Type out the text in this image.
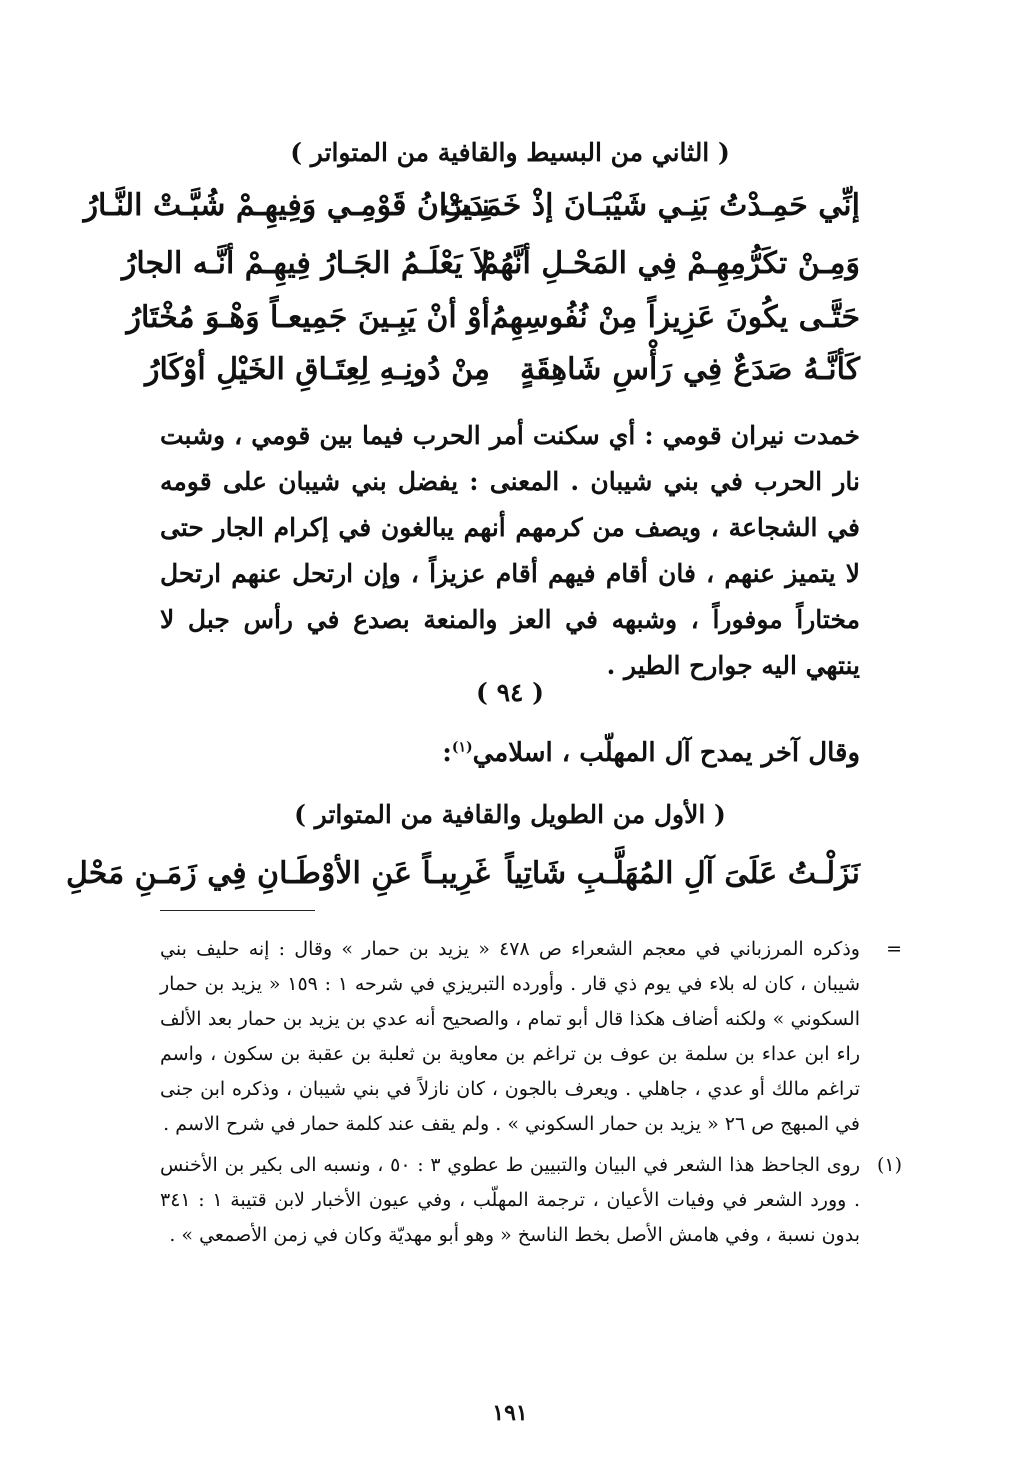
( الثاني من البسيط والقافية من المتواتر )
إنِّي حَمِـدْتُ بَنِـي شَيْبَـانَ إذْ خَمَدَتْ
نِـيرَانُ قَوْمِـي وَفِيهِـمْ شُبَّـتْ النَّـارُ
وَمِـنْ تكَرُّمِهِـمْ فِي المَحْـلِ أنَّهُمْ
لاَ يَعْلَـمُ الجَـارُ فِيهِـمْ أنَّـه الجارُ
حَتَّـى يكُونَ عَزِيزاً مِنْ نُفُوسِهِمُ
أوْ أنْ يَبِـينَ جَمِيعـاً وَهْـوَ مُخْتَارُ
كَأنَّـهُ صَدَعٌ فِي رَأْسِ شَاهِقَةٍ
مِنْ دُونِـهِ لِعِتَـاقِ الخَيْلِ أوْكَارُ
خمدت نيران قومي : أي سكنت أمر الحرب فيما بين قومي ، وشبت نار الحرب في بني شيبان . المعنى : يفضل بني شيبان على قومه في الشجاعة ، ويصف من كرمهم أنهم يبالغون في إكرام الجار حتى لا يتميز عنهم ، فان أقام فيهم أقام عزيزاً ، وإن ارتحل عنهم ارتحل مختاراً موفوراً ، وشبهه في العز والمنعة بصدع في رأس جبل لا ينتهي اليه جوارح الطير .
( ٩٤ )
وقال آخر يمدح آل المهلّب ، اسلامي$^{(١)}$:
( الأول من الطويل والقافية من المتواتر )
نَزَلْـتُ عَلَىَ آلِ المُهَلَّـبِ شَاتِياً
غَرِيبـاً عَنِ الأوْطَـانِ فِي زَمَـنِ مَحْلِ
=
وذكره المرزباني في معجم الشعراء ص ٤٧٨ « يزيد بن حمار » وقال : إنه حليف بني شيبان ، كان له بلاء في يوم ذي قار . وأورده التبريزي في شرحه ١ : ١٥٩ « يزيد بن حمار السكوني » ولكنه أضاف هكذا قال أبو تمام ، والصحيح أنه عدي بن يزيد بن حمار بعد الألف راء ابن عداء بن سلمة بن عوف بن تراغم بن معاوية بن ثعلبة بن عقبة بن سكون ، واسم تراغم مالك أو عدي ، جاهلي . ويعرف بالجون ، كان نازلاً في بني شيبان ، وذكره ابن جنى في المبهج ص ٢٦ « يزيد بن حمار السكوني » . ولم يقف عند كلمة حمار في شرح الاسم .
(١)
روى الجاحظ هذا الشعر في البيان والتبيين ط عطوي ٣ : ٥٠ ، ونسبه الى بكير بن الأخنس . وورد الشعر في وفيات الأعيان ، ترجمة المهلّب ، وفي عيون الأخبار لابن قتيبة ١ : ٣٤١ بدون نسبة ، وفي هامش الأصل بخط الناسخ « وهو أبو مهديّة وكان في زمن الأصمعي » .
١٩١
